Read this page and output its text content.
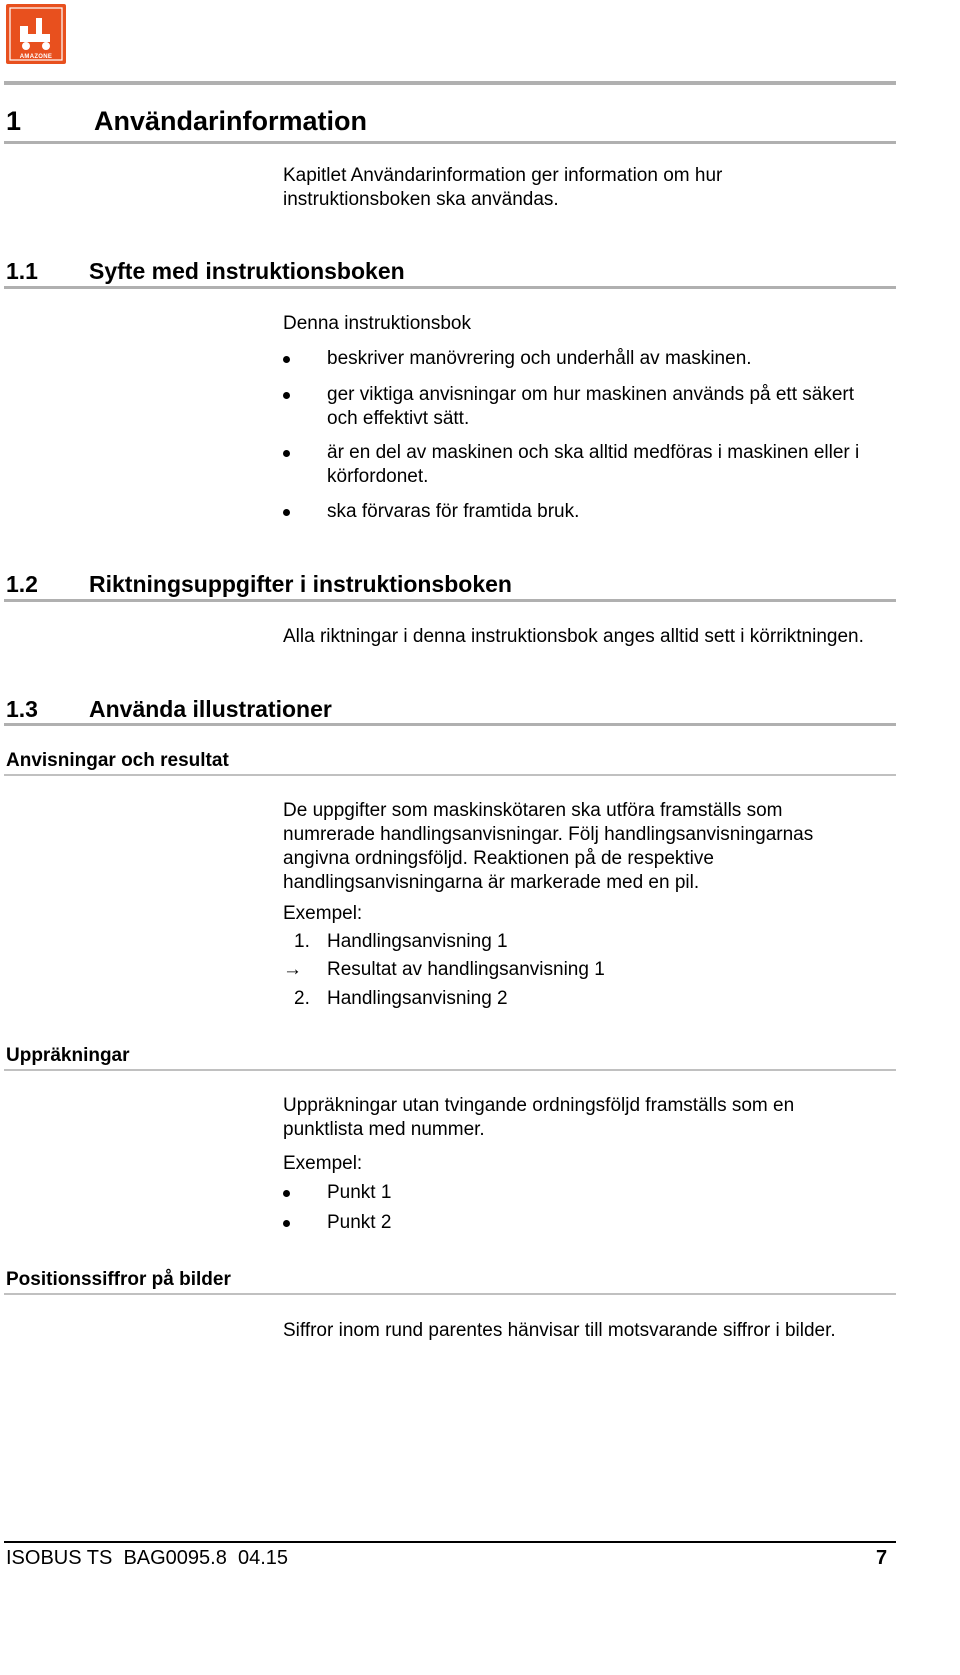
AMAZONE
1	Användarinformation
Kapitlet Användarinformation ger information om hur instruktionsboken ska användas.
1.1 Syfte med instruktionsboken
Denna instruktionsbok
beskriver manövrering och underhåll av maskinen.
ger viktiga anvisningar om hur maskinen används på ett säkert och effektivt sätt.
är en del av maskinen och ska alltid medföras i maskinen eller i körfordonet.
ska förvaras för framtida bruk.
1.2 Riktningsuppgifter i instruktionsboken
Alla riktningar i denna instruktionsbok anges alltid sett i körriktningen.
1.3 Använda illustrationer
Anvisningar och resultat
De uppgifter som maskinskötaren ska utföra framställs som numrerade handlingsanvisningar. Följ handlingsanvisningarnas angivna ordningsföljd. Reaktionen på de respektive handlingsanvisningarna är markerade med en pil.
Exempel:
1. Handlingsanvisning 1
→ Resultat av handlingsanvisning 1
2. Handlingsanvisning 2
Uppräkningar
Uppräkningar utan tvingande ordningsföljd framställs som en punktlista med nummer.
Exempel:
Punkt 1
Punkt 2
Positionssiffror på bilder
Siffror inom rund parentes hänvisar till motsvarande siffror i bilder.
ISOBUS TS  BAG0095.8  04.15	7
